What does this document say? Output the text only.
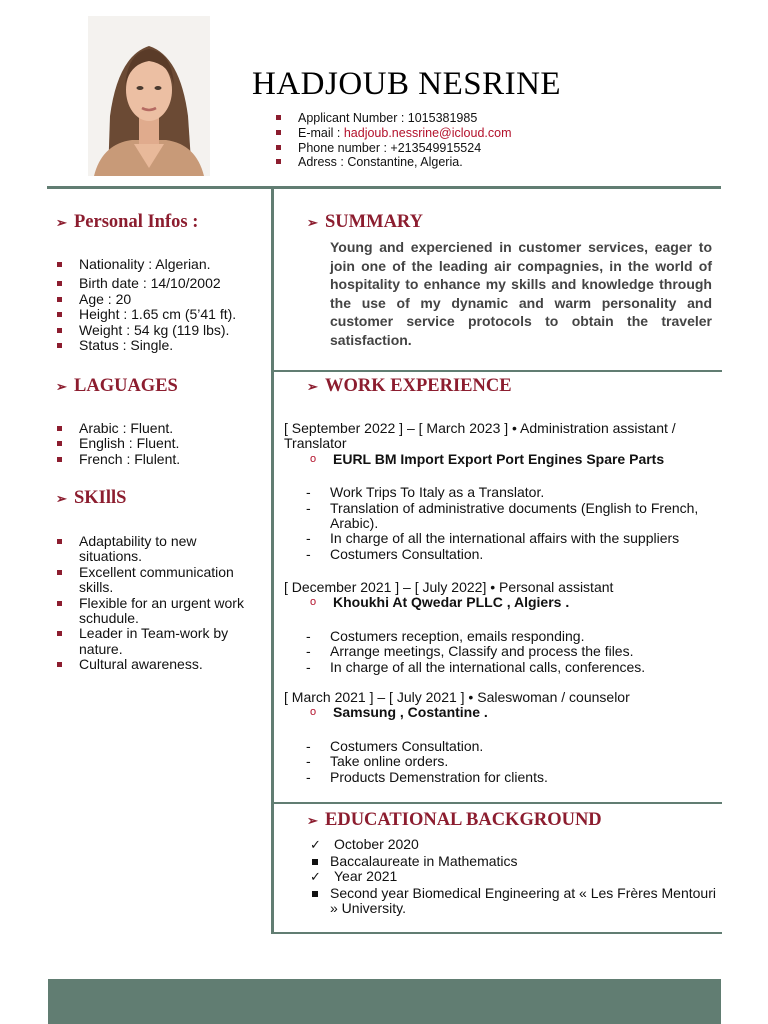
HADJOUB NESRINE
Applicant Number : 1015381985
E-mail : hadjoub.nessrine@icloud.com
Phone number : +213549915524
Adress : Constantine, Algeria.
➢ Personal Infos :
Nationality : Algerian.
Birth date : 14/10/2002
Age : 20
Height : 1.65 cm (5’41 ft).
Weight : 54 kg (119 lbs).
Status : Single.
➢ LAGUAGES
Arabic : Fluent.
English : Fluent.
French : Flulent.
➢ SKIllS
Adaptability to new situations.
Excellent communication skills.
Flexible for an urgent work schudule.
Leader in Team-work by nature.
Cultural awareness.
➢ SUMMARY

Young and experciened in customer services, eager to join one of the leading air compagnies, in the world of hospitality to enhance my skills and knowledge through the use of my dynamic and warm personality and customer service protocols to obtain the traveler satisfaction.

➢ WORK EXPERIENCE

[ September 2022 ] – [ March 2023 ] • Administration assistant / Translator

o EURL BM Import Export Port Engines Spare Parts

- Work Trips To Italy as a Translator.
- Translation of administrative documents (English to French, Arabic).
- In charge of all the international affairs with the suppliers
- Costumers Consultation.

[ December 2021 ] – [ July 2022] • Personal assistant

o Khoukhi At Qwedar PLLC , Algiers .

- Costumers reception, emails responding.
- Arrange meetings, Classify and process the files.
- In charge of all the international calls, conferences.

[ March 2021 ] – [ July 2021 ] • Saleswoman / counselor

o Samsung , Costantine .

- Costumers Consultation.
- Take online orders.
- Products Demenstration for clients.
➢ EDUCATIONAL BACKGROUND
✓ October 2020
Baccalaureate in Mathematics
✓ Year 2021
Second year Biomedical Engineering at « Les Frères Mentouri » University.
